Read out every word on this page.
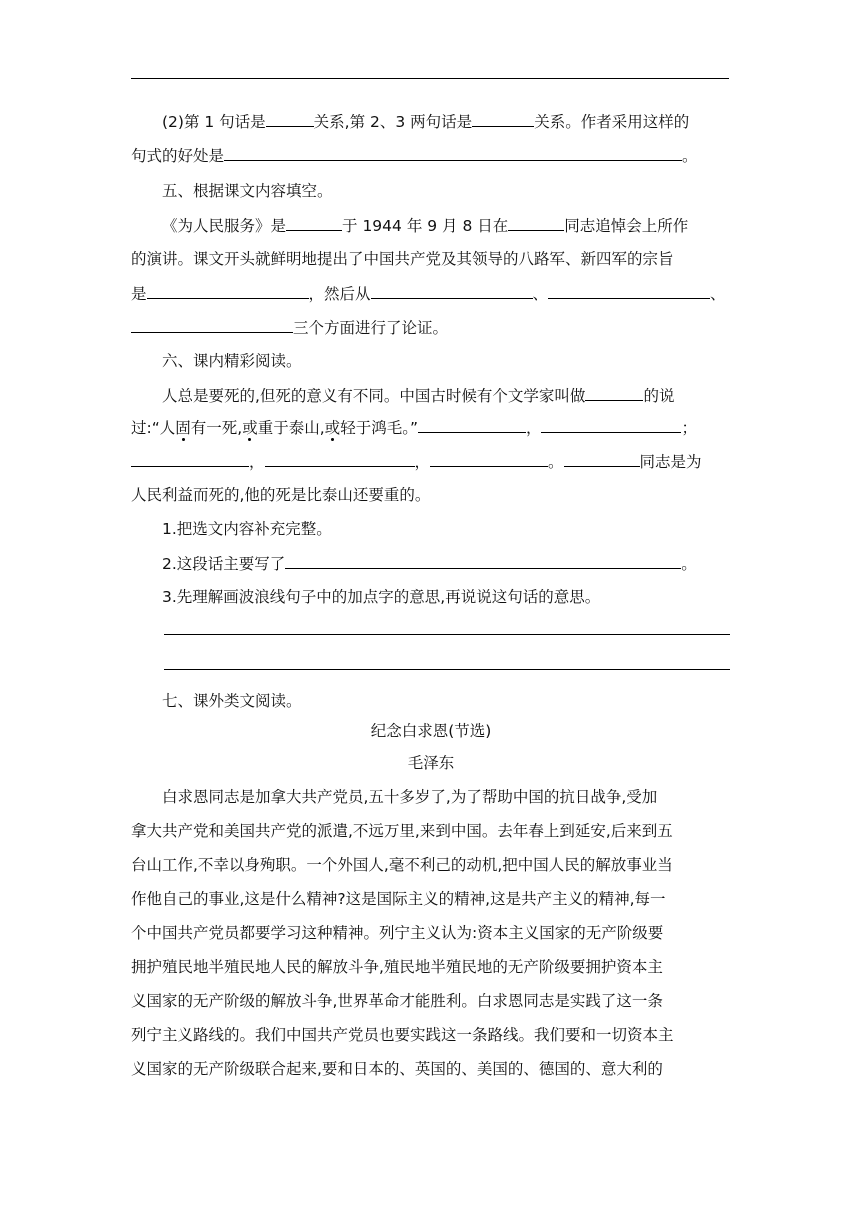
(2)第 1 句话是	关系,第 2、3 两句话是	关系。作者采用这样的
句式的好处是	。
五、根据课文内容填空。
《为人民服务》是	于 1944 年 9 月 8 日在	同志追悼会上所作
的演讲。课文开头就鲜明地提出了中国共产党及其领导的八路军、新四军的宗旨
是	，然后从	、	、
三个方面进行了论证。
六、课内精彩阅读。
人总是要死的,但死的意义有不同。中国古时候有个文学家叫做	的说
过:“人固有一死,或重于泰山,或轻于鸿毛。”	，	；
，	，	。	同志是为
人民利益而死的,他的死是比泰山还要重的。
1.把选文内容补充完整。
2.这段话主要写了	。
3.先理解画波浪线句子中的加点字的意思,再说说这句话的意思。
七、课外类文阅读。
纪念白求恩(节选)
毛泽东
白求恩同志是加拿大共产党员,五十多岁了,为了帮助中国的抗日战争,受加
拿大共产党和美国共产党的派遣,不远万里,来到中国。去年春上到延安,后来到五
台山工作,不幸以身殉职。一个外国人,毫不利己的动机,把中国人民的解放事业当
作他自己的事业,这是什么精神?这是国际主义的精神,这是共产主义的精神,每一
个中国共产党员都要学习这种精神。列宁主义认为:资本主义国家的无产阶级要
拥护殖民地半殖民地人民的解放斗争,殖民地半殖民地的无产阶级要拥护资本主
义国家的无产阶级的解放斗争,世界革命才能胜利。白求恩同志是实践了这一条
列宁主义路线的。我们中国共产党员也要实践这一条路线。我们要和一切资本主
义国家的无产阶级联合起来,要和日本的、英国的、美国的、德国的、意大利的
